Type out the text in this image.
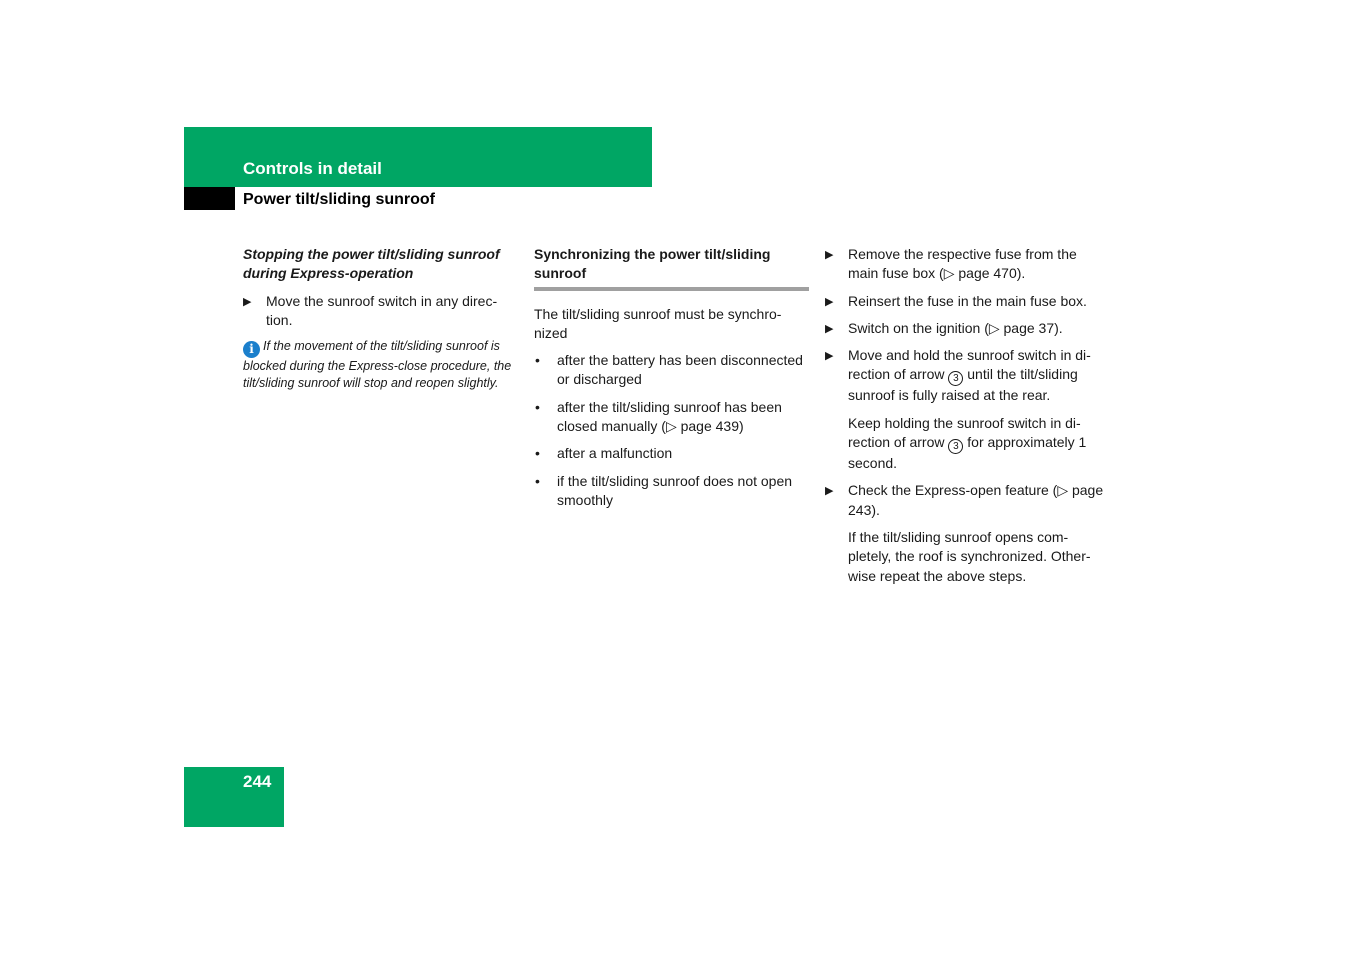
Controls in detail
Power tilt/sliding sunroof
Stopping the power tilt/sliding sunroof
during Express-operation
▶ Move the sunroof switch in any direc-tion.
i If the movement of the tilt/sliding sunroof is blocked during the Express-close procedure, the tilt/sliding sunroof will stop and reopen slightly.
Synchronizing the power tilt/sliding
sunroof
The tilt/sliding sunroof must be synchro-nized
• after the battery has been disconnected or discharged
• after the tilt/sliding sunroof has been closed manually (▷ page 439)
• after a malfunction
• if the tilt/sliding sunroof does not open smoothly
▶ Remove the respective fuse from the main fuse box (▷ page 470).
▶ Reinsert the fuse in the main fuse box.
▶ Switch on the ignition (▷ page 37).
▶ Move and hold the sunroof switch in di-rection of arrow 3 until the tilt/sliding sunroof is fully raised at the rear.
Keep holding the sunroof switch in di-rection of arrow 3 for approximately 1 second.
▶ Check the Express-open feature (▷ page 243).
If the tilt/sliding sunroof opens com-pletely, the roof is synchronized. Other-wise repeat the above steps.
244
